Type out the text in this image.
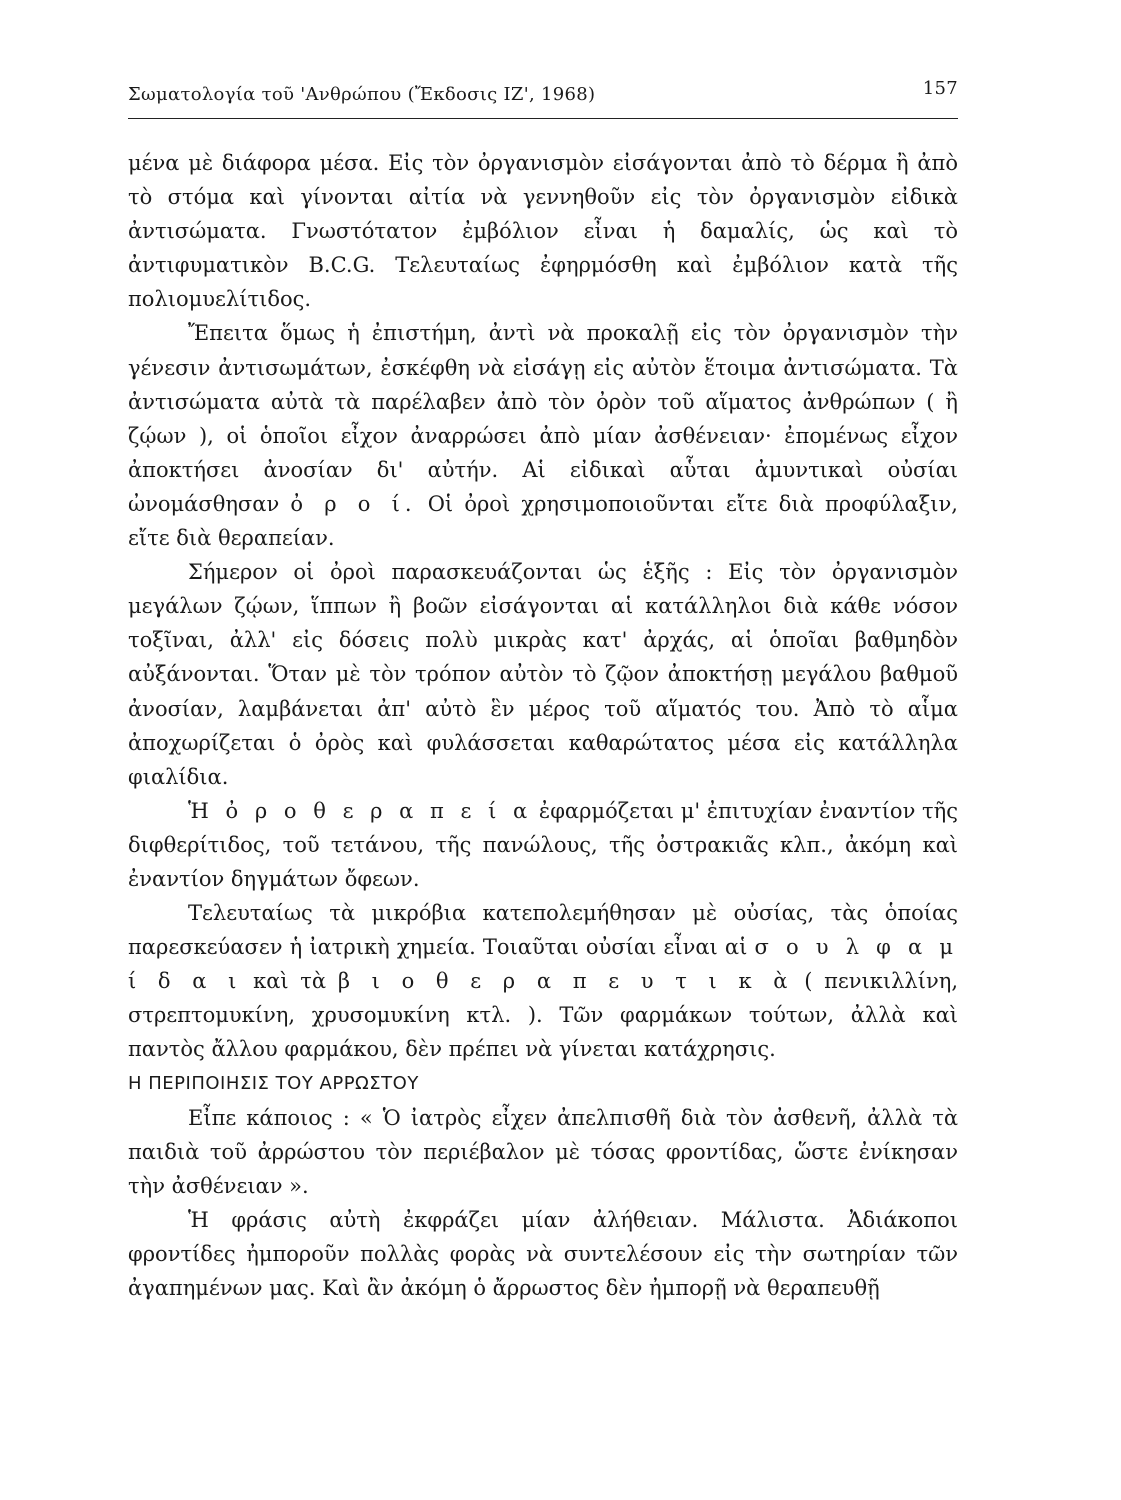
Σωματολογία τοῦ 'Ανθρώπου (Ἔκδοσις ΙΖ', 1968)	157

μένα μὲ διάφορα μέσα. Εἰς τὸν ὀργανισμὸν εἰσάγονται ἀπὸ τὸ δέρμα ἢ ἀπὸ τὸ στόμα καὶ γίνονται αἰτία νὰ γεννηθοῦν εἰς τὸν ὀργανισμὸν εἰδικὰ ἀντισώματα. Γνωστότατον ἐμβόλιον εἶναι ἡ δαμαλίς, ὡς καὶ τὸ ἀντιφυματικὸν B.C.G. Τελευταίως ἐφηρμόσθη καὶ ἐμβόλιον κατὰ τῆς πολιομυελίτιδος.

Ἔπειτα ὅμως ἡ ἐπιστήμη, ἀντὶ νὰ προκαλῇ εἰς τὸν ὀργανισμὸν τὴν γένεσιν ἀντισωμάτων, ἐσκέφθη νὰ εἰσάγῃ εἰς αὐτὸν ἕτοιμα ἀντισώματα. Τὰ ἀντισώματα αὐτὰ τὰ παρέλαβεν ἀπὸ τὸν ὀρὸν τοῦ αἵματος ἀνθρώπων ( ἢ ζῴων ), οἱ ὁποῖοι εἶχον ἀναρρώσει ἀπὸ μίαν ἀσθένειαν· ἐπομένως εἶχον ἀποκτήσει ἀνοσίαν δι' αὐτήν. Αἱ εἰδικαὶ αὗται ἀμυντικαὶ οὐσίαι ὠνομάσθησαν ὀ ρ ο ί. Οἱ ὀροὶ χρησιμοποιοῦνται εἴτε διὰ προφύλαξιν, εἴτε διὰ θεραπείαν.

Σήμερον οἱ ὀροὶ παρασκευάζονται ὡς ἑξῆς : Εἰς τὸν ὀργανισμὸν μεγάλων ζῴων, ἵππων ἢ βοῶν εἰσάγονται αἱ κατάλληλοι διὰ κάθε νόσον τοξῖναι, ἀλλ' εἰς δόσεις πολὺ μικρὰς κατ' ἀρχάς, αἱ ὁποῖαι βαθμηδὸν αὐξάνονται. Ὅταν μὲ τὸν τρόπον αὐτὸν τὸ ζῷον ἀποκτήσῃ μεγάλου βαθμοῦ ἀνοσίαν, λαμβάνεται ἀπ' αὐτὸ ἓν μέρος τοῦ αἵματός του. Ἀπὸ τὸ αἷμα ἀποχωρίζεται ὁ ὀρὸς καὶ φυλάσσεται καθαρώτατος μέσα εἰς κατάλληλα φιαλίδια.

Ἡ ὀ ρ ο θ ε ρ α π ε ί α ἐφαρμόζεται μ' ἐπιτυχίαν ἐναντίον τῆς διφθερίτιδος, τοῦ τετάνου, τῆς πανώλους, τῆς ὀστρακιᾶς κλπ., ἀκόμη καὶ ἐναντίον δηγμάτων ὄφεων.

Τελευταίως τὰ μικρόβια κατεπολεμήθησαν μὲ οὐσίας, τὰς ὁποίας παρεσκεύασεν ἡ ἰατρικὴ χημεία. Τοιαῦται οὐσίαι εἶναι αἱ σ ο υ λ φ α μ ί δ α ι καὶ τὰ β ι ο θ ε ρ α π ε υ τ ι κ ὰ ( πενικιλλίνη, στρεπτομυκίνη, χρυσομυκίνη κτλ. ). Τῶν φαρμάκων τούτων, ἀλλὰ καὶ παντὸς ἄλλου φαρμάκου, δὲν πρέπει νὰ γίνεται κατάχρησις.

Η ΠΕΡΙΠΟΙΗΣΙΣ ΤΟΥ ΑΡΡΩΣΤΟΥ

Εἶπε κάποιος : « Ὁ ἰατρὸς εἶχεν ἀπελπισθῆ διὰ τὸν ἀσθενῆ, ἀλλὰ τὰ παιδιὰ τοῦ ἀρρώστου τὸν περιέβαλον μὲ τόσας φροντίδας, ὥστε ἐνίκησαν τὴν ἀσθένειαν ».

Ἡ φράσις αὐτὴ ἐκφράζει μίαν ἀλήθειαν. Μάλιστα. Ἀδιάκοποι φροντίδες ἠμποροῦν πολλὰς φορὰς νὰ συντελέσουν εἰς τὴν σωτηρίαν τῶν ἀγαπημένων μας. Καὶ ἂν ἀκόμη ὁ ἄρρωστος δὲν ἠμπορῇ νὰ θεραπευθῇ
